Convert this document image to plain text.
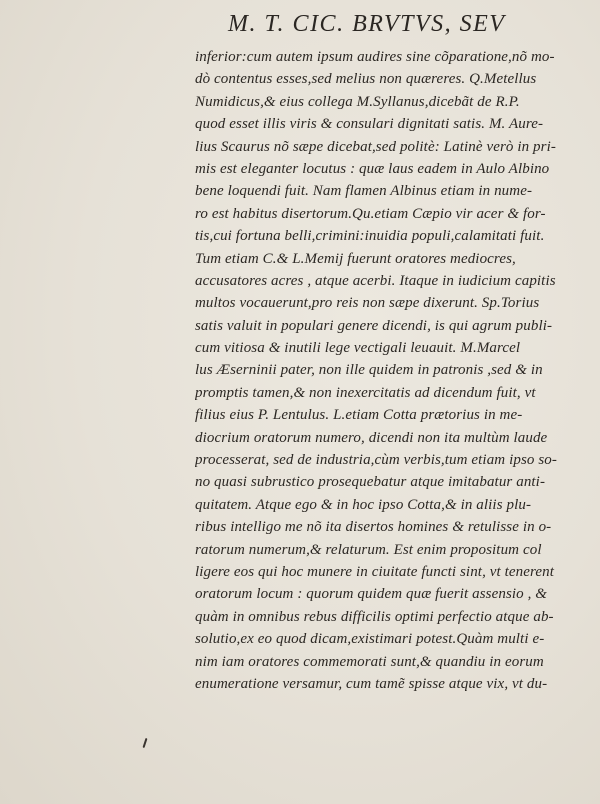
M. T. CIC. BRVTVS, SEV
inferior:cum autem ipsum audires sine cõparatione,nõ mo-
dò contentus esses,sed melius non quæreres. Q.Metellus
Numidicus,& eius collega M.Syllanus,dicebãt de R.P.
quod esset illis viris & consulari dignitati satis. M. Aure-
lius Scaurus nõ sæpe dicebat,sed politè: Latinè verò in pri-
mis est eleganter locutus : quæ laus eadem in Aulo Albino
bene loquendi fuit. Nam flamen Albinus etiam in nume-
ro est habitus disertorum.Qu.etiam Cæpio vir acer & for-
tis,cui fortuna belli,crimini:inuidia populi,calamitati fuit.
Tum etiam C.& L.Memij fuerunt oratores mediocres,
accusatores acres , atque acerbi. Itaque in iudicium capitis
multos vocauerunt,pro reis non sæpe dixerunt. Sp.Torius
satis valuit in populari genere dicendi, is qui agrum publi-
cum vitiosa & inutili lege vectigali leuauit. M.Marcel
lus Æserninii pater, non ille quidem in patronis ,sed & in
promptis tamen,& non inexercitatis ad dicendum fuit, vt
filius eius P. Lentulus. L.etiam Cotta prætorius in me-
diocrium oratorum numero, dicendi non ita multùm laude
processerat, sed de industria,cùm verbis,tum etiam ipso so-
no quasi subrustico prosequebatur atque imitabatur anti-
quitatem. Atque ego & in hoc ipso Cotta,& in aliis plu-
ribus intelligo me nõ ita disertos homines & retulisse in o-
ratorum numerum,& relaturum. Est enim propositum col
ligere eos qui hoc munere in ciuitate functi sint, vt tenerent
oratorum locum : quorum quidem quæ fuerit assensio , &
quàm in omnibus rebus difficilis optimi perfectio atque ab-
solutio,ex eo quod dicam,existimari potest.Quàm multi e-
nim iam oratores commemorati sunt,& quandiu in eorum
enumeratione versamur, cum tamẽ spisse atque vix, vt du-
